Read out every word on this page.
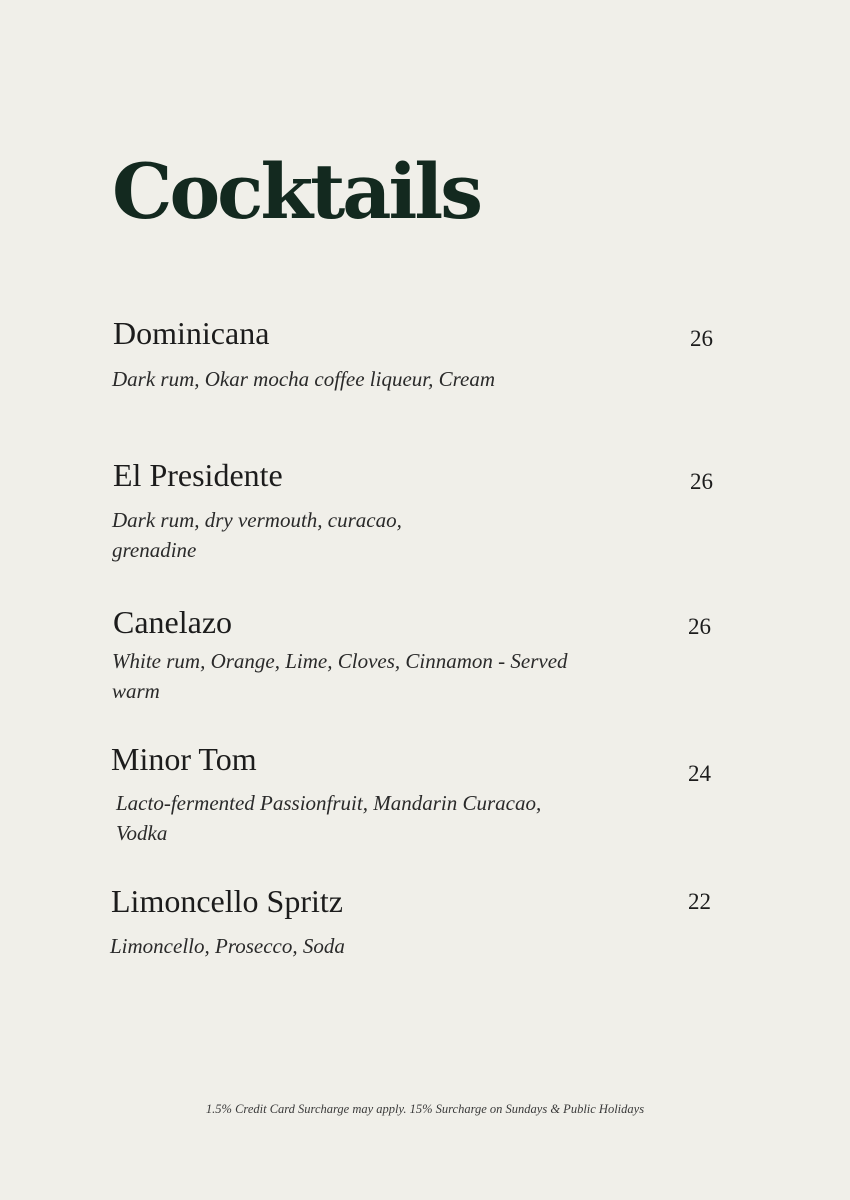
Cocktails
Dominicana

Dark rum, Okar mocha coffee liqueur, Cream

26

El Presidente

Dark rum, dry vermouth, curacao, grenadine

26

Canelazo

White rum, Orange, Lime, Cloves, Cinnamon - Served warm

26

Minor Tom

Lacto-fermented Passionfruit, Mandarin Curacao, Vodka

24

Limoncello Spritz

Limoncello, Prosecco, Soda

22

1.5% Credit Card Surcharge may apply. 15% Surcharge on Sundays & Public Holidays
